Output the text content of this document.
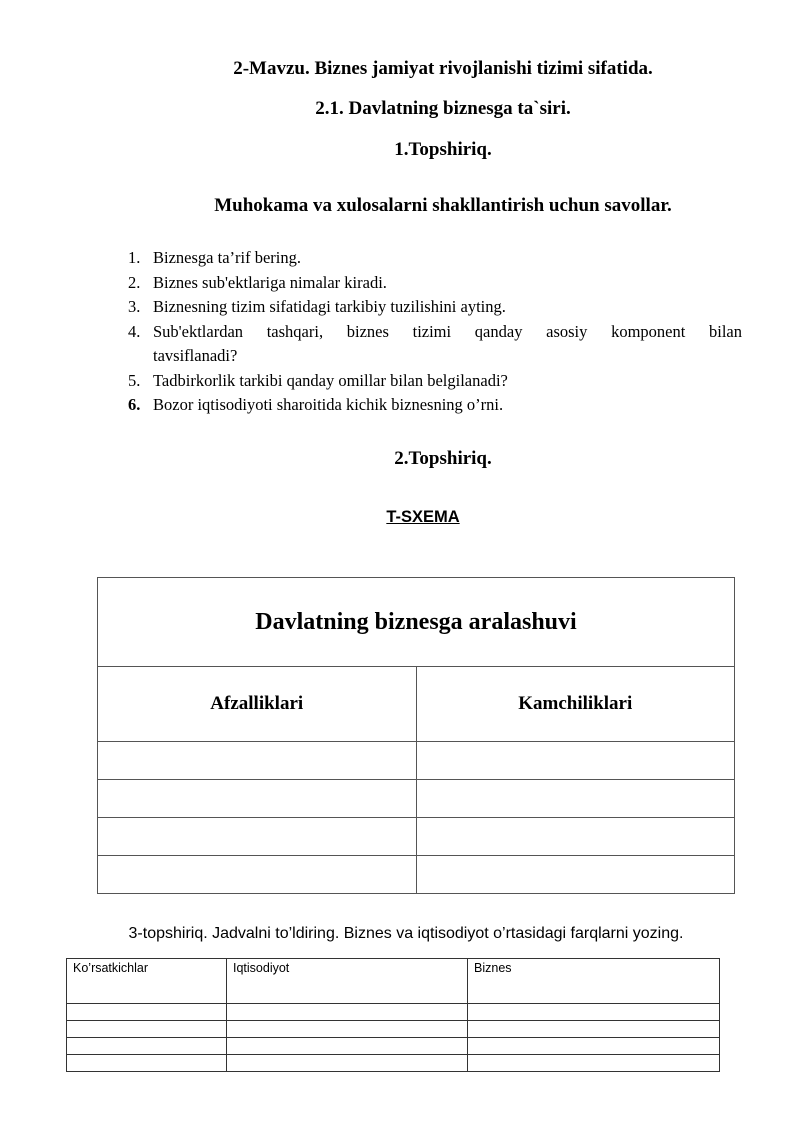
2-Mavzu. Biznes jamiyat rivojlanishi tizimi sifatida.
2.1. Davlatning biznesga ta`siri.
1.Topshiriq.
Muhokama va xulosalarni shakllantirish uchun savollar.
1. Biznesga ta’rif bering.
2. Biznes sub'ektlariga nimalar kiradi.
3. Biznesning tizim sifatidagi tarkibiy tuzilishini ayting.
4. Sub'ektlardan tashqari, biznes tizimi qanday asosiy komponent bilan
tavsiflanadi?
5. Tadbirkorlik tarkibi qanday omillar bilan belgilanadi?
6. Bozor iqtisodiyoti sharoitida kichik biznesning o’rni.
2.Topshiriq.
T-SXEMA
Davlatning biznesga aralashuvi	
Afzalliklari	Kamchiliklari

3-topshiriq. Jadvalni to’ldiring. Biznes va iqtisodiyot o’rtasidagi farqlarni yozing.
Ko’rsatkichlar	Iqtisodiyot	Biznes
